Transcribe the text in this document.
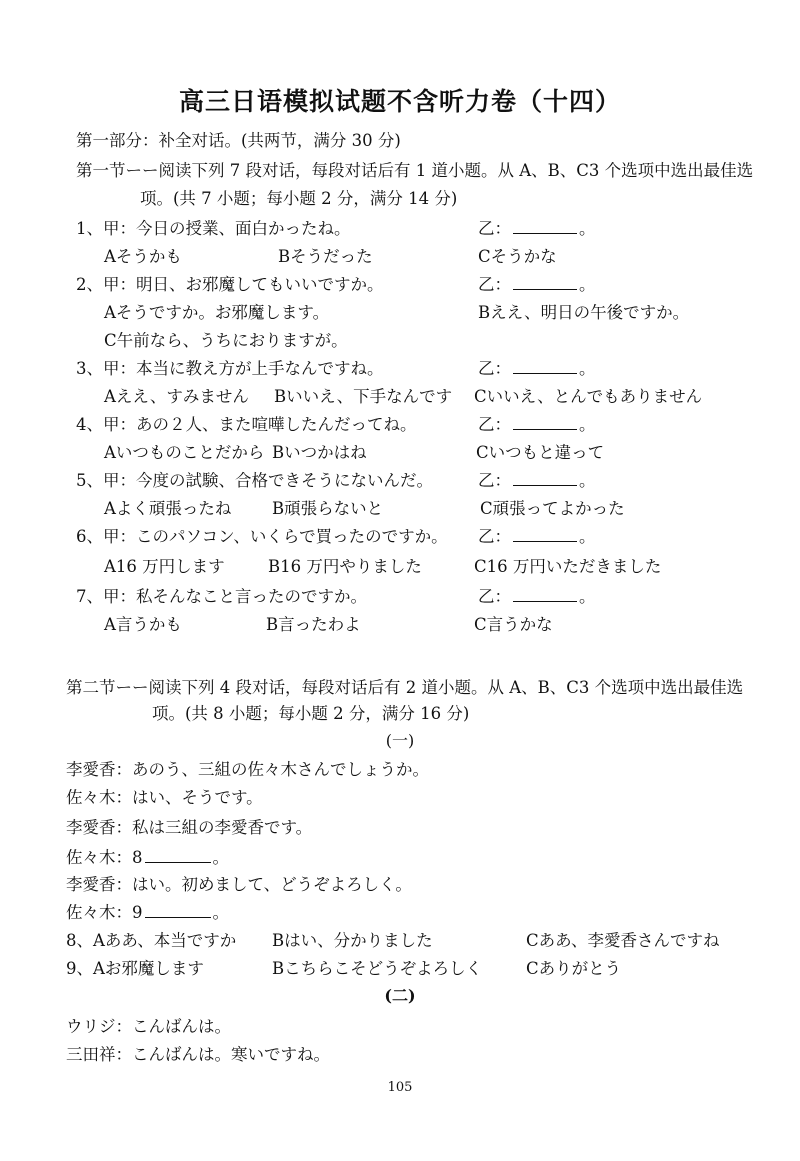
高三日语模拟试题不含听力卷（十四）
第一部分：补全对话。(共两节，满分 30 分)
第一节ーー阅读下列 7 段对话，每段对话后有 1 道小题。从 A、B、C3 个选项中选出最佳选
项。(共 7 小题；每小题 2 分，满分 14 分)
1、甲：今日の授業、面白かったね。	乙：	。
Aそうかも	Bそうだった	Cそうかな
2、甲：明日、お邪魔してもいいですか。	乙：	。
Aそうですか。お邪魔します。	Bええ、明日の午後ですか。
C午前なら、うちにおりますが。
3、甲：本当に教え方が上手なんですね。	乙：	。
Aええ、すみません Bいいえ、下手なんです Cいいえ、とんでもありません
4、甲：あの２人、また喧嘩したんだってね。	乙：	。
Aいつものことだから Bいつかはね	Cいつもと違って
5、甲：今度の試験、合格できそうにないんだ。	乙：	。
Aよく頑張ったね B頑張らないと	C頑張ってよかった
6、甲：このパソコン、いくらで買ったのですか。 乙：	。
A16 万円します	B16 万円やりました	C16 万円いただきました
7、甲：私そんなこと言ったのですか。	乙：	。
A言うかも	B言ったわよ	C言うかな
第二节ーー阅读下列 4 段对话，每段对话后有 2 道小题。从 A、B、C3 个选项中选出最佳选
项。(共 8 小题；每小题 2 分，满分 16 分)
(一)
李愛香：あのう、三組の佐々木さんでしょうか。
佐々木：はい、そうです。
李愛香：私は三組の李愛香です。
佐々木：8	。
李愛香：はい。初めまして、どうぞよろしく。
佐々木：9	。
8、Aああ、本当ですか Bはい、分かりました	Cああ、李愛香さんですね
9、Aお邪魔します	Bこちらこそどうぞよろしく	Cありがとう
(二)
ウリジ：こんばんは。
三田祥：こんばんは。寒いですね。
105
